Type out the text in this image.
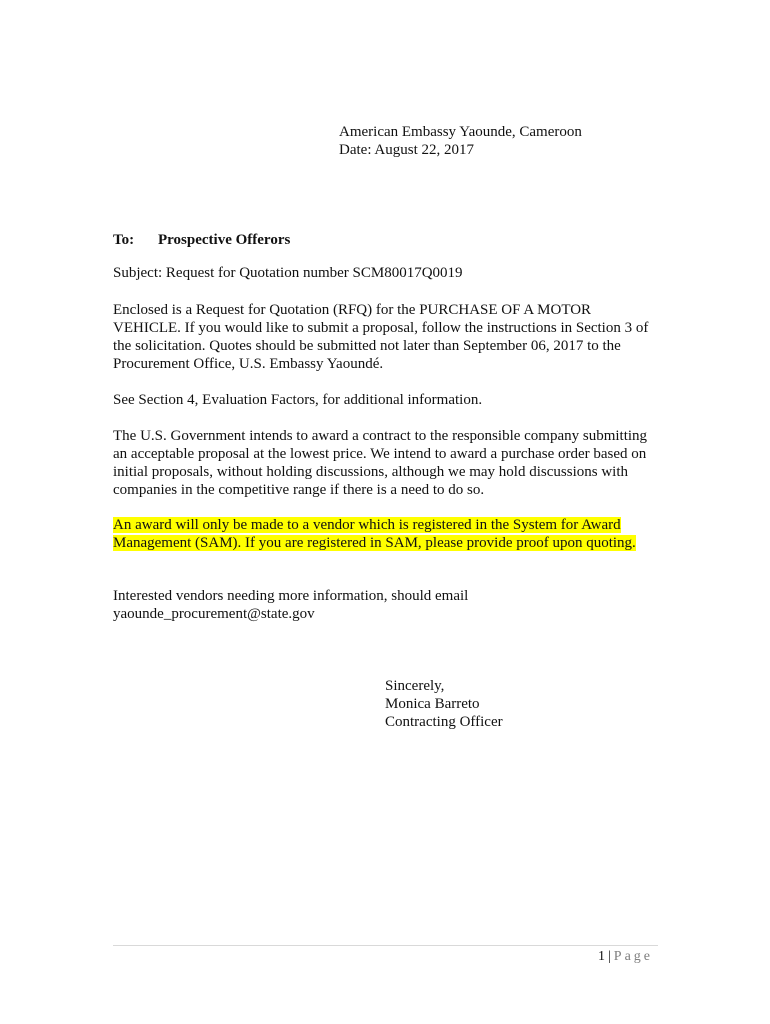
American Embassy Yaounde, Cameroon
Date: August 22, 2017
To: Prospective Offerors
Subject: Request for Quotation number SCM80017Q0019
Enclosed is a Request for Quotation (RFQ) for the PURCHASE OF A MOTOR
VEHICLE. If you would like to submit a proposal, follow the instructions in Section 3 of
the solicitation. Quotes should be submitted not later than September 06, 2017 to the
Procurement Office, U.S. Embassy Yaoundé.
See Section 4, Evaluation Factors, for additional information.
The U.S. Government intends to award a contract to the responsible company submitting
an acceptable proposal at the lowest price. We intend to award a purchase order based on
initial proposals, without holding discussions, although we may hold discussions with
companies in the competitive range if there is a need to do so.
An award will only be made to a vendor which is registered in the System for Award
Management (SAM). If you are registered in SAM, please provide proof upon quoting.
Interested vendors needing more information, should email
yaounde_procurement@state.gov
Sincerely,
Monica Barreto
Contracting Officer
1 | Page
